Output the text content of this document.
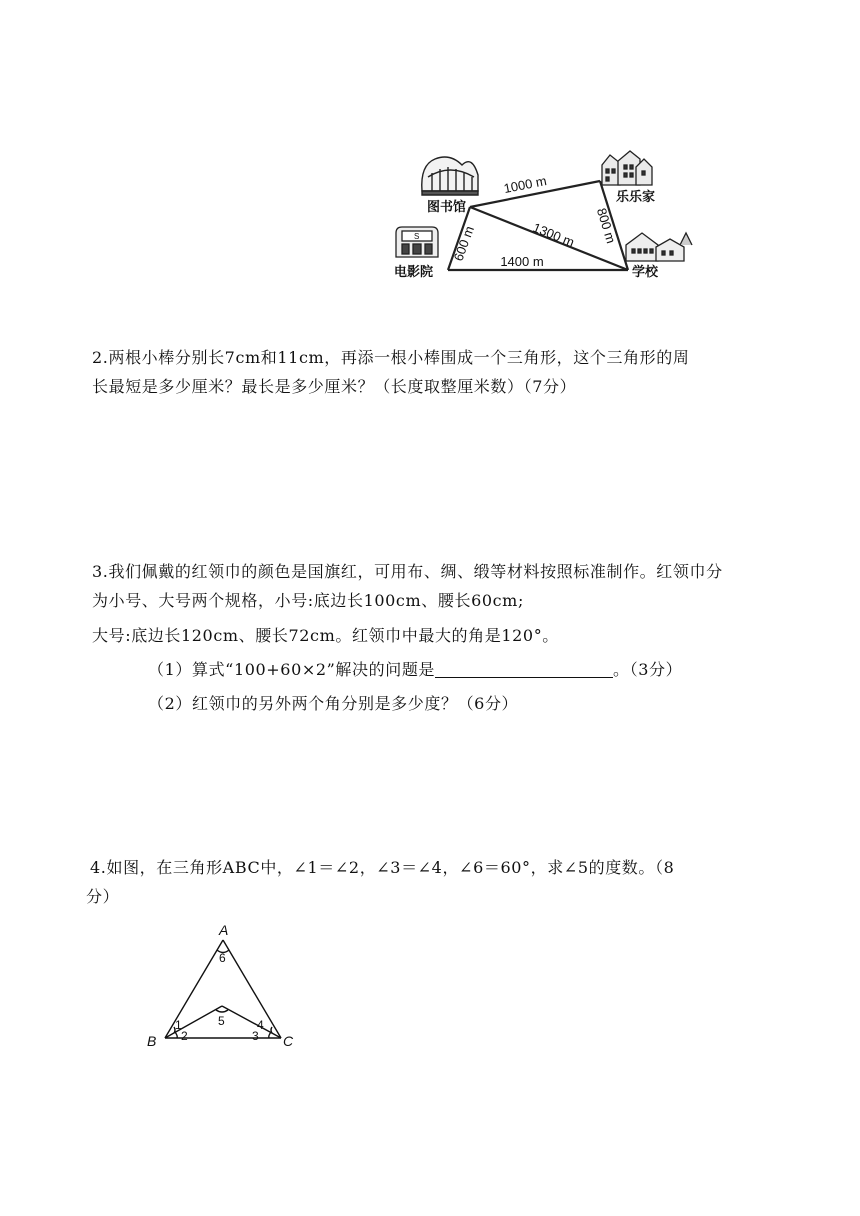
图书馆
乐乐家
S
电影院	学校
1000 m
1300 m 800 m
600 m 1400 m
2.两根小棒分别长7cm和11cm，再添一根小棒围成一个三角形，这个三角形的周
长最短是多少厘米？最长是多少厘米？（长度取整厘米数）（7分）
3.我们佩戴的红领巾的颜色是国旗红，可用布、绸、缎等材料按照标准制作。红领巾分
为小号、大号两个规格，小号:底边长100cm、腰长60cm;
大号:底边长120cm、腰长72cm。红领巾中最大的角是120°。
（1）算式“100+60×2”解决的问题是	。（3分）
（2）红领巾的另外两个角分别是多少度？（6分）
4.如图，在三角形ABC中，∠1＝∠2，∠3＝∠4，∠6＝60°，求∠5的度数。（8
分）
A
B	C
6
5
1
2	3
4
